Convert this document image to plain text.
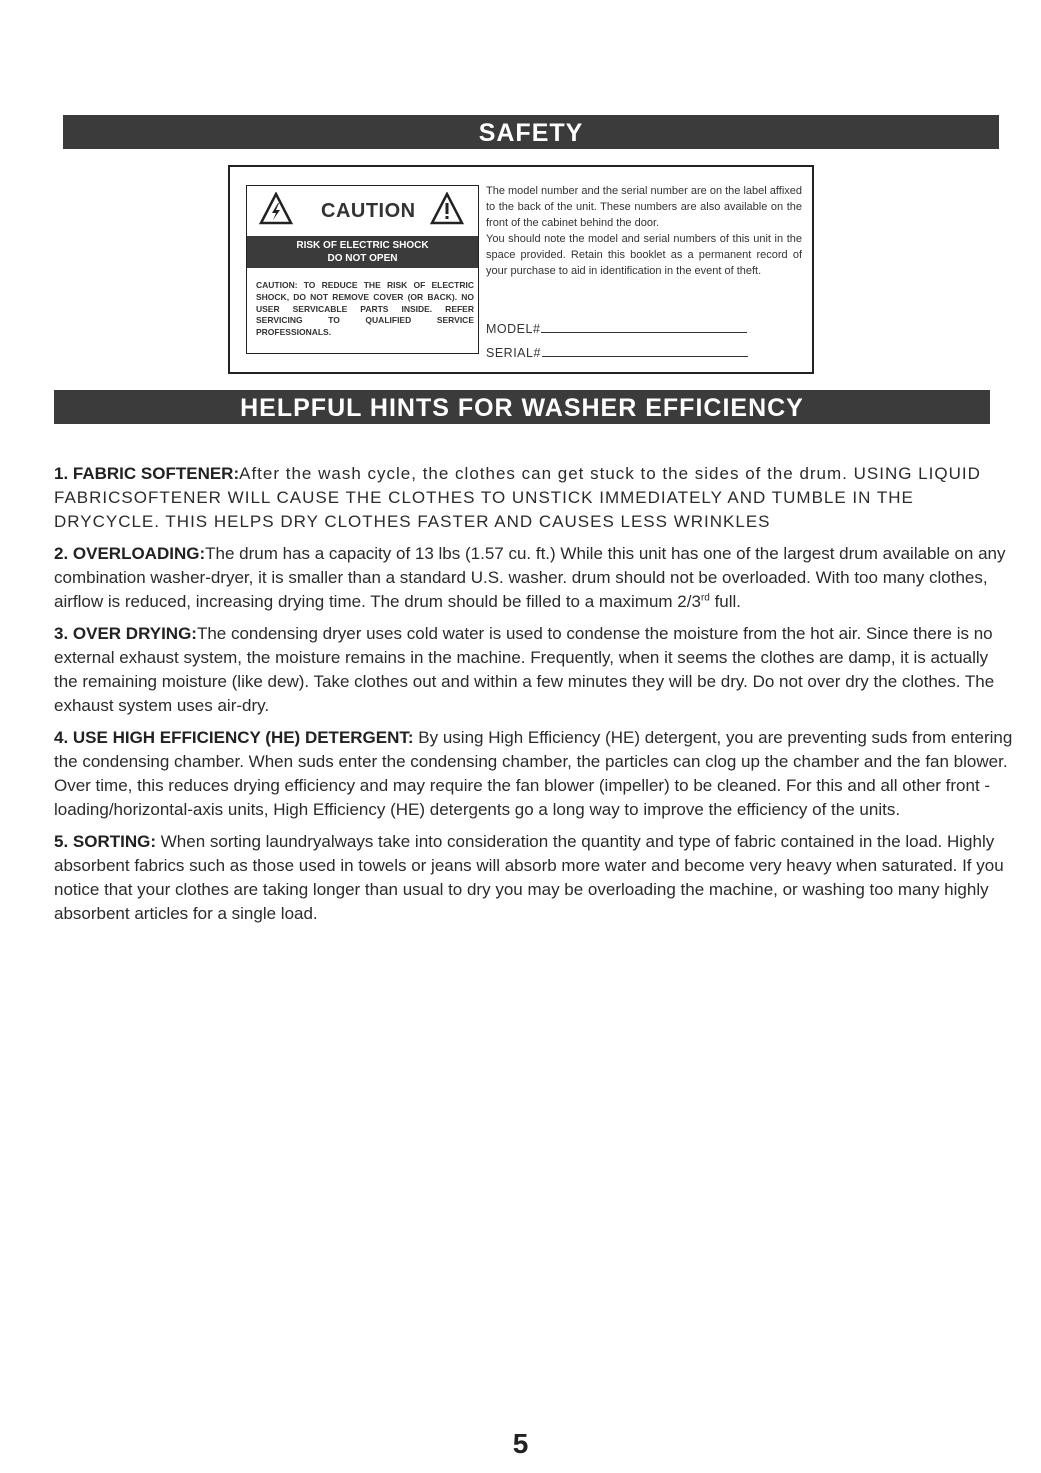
SAFETY
CAUTION
RISK OF ELECTRIC SHOCK
DO NOT OPEN
CAUTION: TO REDUCE THE RISK OF ELECTRIC SHOCK, DO NOT REMOVE COVER (OR BACK). NO USER SERVICABLE PARTS INSIDE. REFER SERVICING TO QUALIFIED SERVICE PROFESSIONALS.

The model number and the serial number are on the label affixed to the back of the unit. These numbers are also available on the front of the cabinet behind the door.

You should note the model and serial numbers of this unit in the space provided. Retain this booklet as a permanent record of your purchase to aid in identification in the event of theft.

MODEL#
SERIAL#
HELPFUL HINTS FOR WASHER EFFICIENCY

1. FABRIC SOFTENER:After the wash cycle, the clothes can get stuck to the sides of the drum. USING LIQUID FABRICSOFTENER WILL CAUSE THE CLOTHES TO UNSTICK IMMEDIATELY AND TUMBLE IN THE DRYCYCLE. THIS HELPS DRY CLOTHES FASTER AND CAUSES LESS WRINKLES

2. OVERLOADING:The drum has a capacity of 13 lbs (1.57 cu. ft.) While this unit has one of the largest drum available on any combination washer-dryer, it is smaller than a standard U.S. washer. drum should not be overloaded. With too many clothes, airflow is reduced, increasing drying time. The drum should be filled to a maximum 2/3rd full.

3. OVER DRYING:The condensing dryer uses cold water is used to condense the moisture from the hot air. Since there is no external exhaust system, the moisture remains in the machine. Frequently, when it seems the clothes are damp, it is actually the remaining moisture (like dew). Take clothes out and within a few minutes they will be dry. Do not over dry the clothes. The exhaust system uses air-dry.

4. USE HIGH EFFICIENCY (HE) DETERGENT: By using High Efficiency (HE) detergent, you are preventing suds from entering the condensing chamber. When suds enter the condensing chamber, the particles can clog up the chamber and the fan blower. Over time, this reduces drying efficiency and may require the fan blower (impeller) to be cleaned. For this and all other front -loading/horizontal-axis units, High Efficiency (HE) detergents go a long way to improve the efficiency of the units.

5. SORTING: When sorting laundryalways take into consideration the quantity and type of fabric contained in the load. Highly absorbent fabrics such as those used in towels or jeans will absorb more water and become very heavy when saturated. If you notice that your clothes are taking longer than usual to dry you may be overloading the machine, or washing too many highly absorbent articles for a single load.

5
